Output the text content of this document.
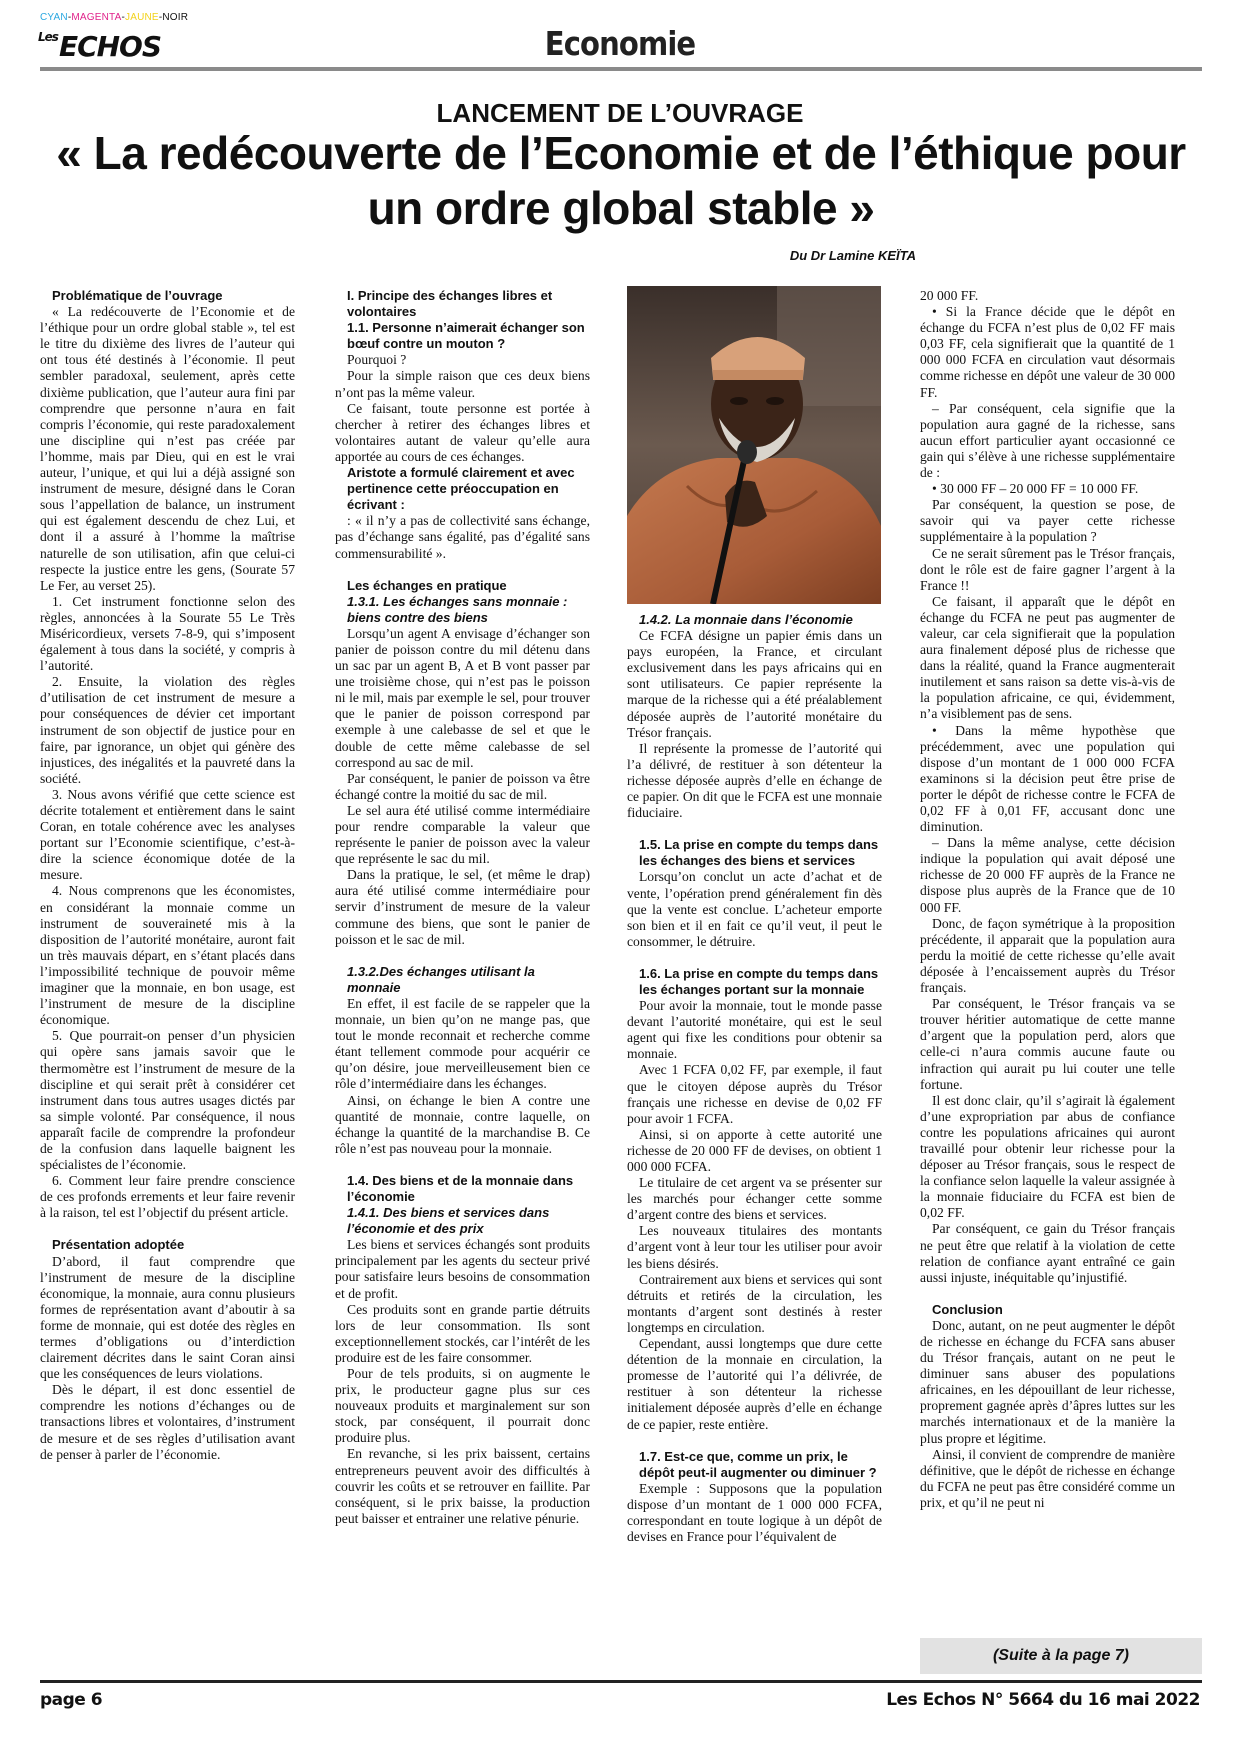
CYAN-MAGENTA-JAUNE-NOIR
$^{Les}$ECHOS	Economie
LANCEMENT DE L’OUVRAGE
« La redécouverte de l’Economie et de l’éthique pour un ordre global stable »
Du Dr Lamine KEÏTA

Problématique de l’ouvrage

« La redécouverte de l’Economie et de l’éthique pour un ordre global stable », tel est le titre du dixième des livres de l’auteur qui ont tous été destinés à l’économie. Il peut sembler paradoxal, seulement, après cette dixième publication, que l’auteur aura fini par comprendre que personne n’aura en fait compris l’économie, qui reste paradoxalement une discipline qui n’est pas créée par l’homme, mais par Dieu, qui en est le vrai auteur, l’unique, et qui lui a déjà assigné son instrument de mesure, désigné dans le Coran sous l’appellation de balance, un instrument qui est également descendu de chez Lui, et dont il a assuré à l’homme la maîtrise naturelle de son utilisation, afin que celui-ci respecte la justice entre les gens, (Sourate 57 Le Fer, au verset 25).

1. Cet instrument fonctionne selon des règles, annoncées à la Sourate 55 Le Très Miséricordieux, versets 7-8-9, qui s’imposent également à tous dans la société, y compris à l’autorité.

2. Ensuite, la violation des règles d’utilisation de cet instrument de mesure a pour conséquences de dévier cet important instrument de son objectif de justice pour en faire, par ignorance, un objet qui génère des injustices, des inégalités et la pauvreté dans la société.

3. Nous avons vérifié que cette science est décrite totalement et entièrement dans le saint Coran, en totale cohérence avec les analyses portant sur l’Economie scientifique, c’est-à-dire la science économique dotée de la mesure.

4. Nous comprenons que les économistes, en considérant la monnaie comme un instrument de souveraineté mis à la disposition de l’autorité monétaire, auront fait un très mauvais départ, en s’étant placés dans l’impossibilité technique de pouvoir même imaginer que la monnaie, en bon usage, est l’instrument de mesure de la discipline économique.

5. Que pourrait-on penser d’un physicien qui opère sans jamais savoir que le thermomètre est l’instrument de mesure de la discipline et qui serait prêt à considérer cet instrument dans tous autres usages dictés par sa simple volonté. Par conséquence, il nous apparaît facile de comprendre la profondeur de la confusion dans laquelle baignent les spécialistes de l’économie.

6. Comment leur faire prendre conscience de ces profonds errements et leur faire revenir à la raison, tel est l’objectif du présent article.

Présentation adoptée

D’abord, il faut comprendre que l’instrument de mesure de la discipline économique, la monnaie, aura connu plusieurs formes de représentation avant d’aboutir à sa forme de monnaie, qui est dotée des règles en termes d’obligations ou d’interdiction clairement décrites dans le saint Coran ainsi que les conséquences de leurs violations.

Dès le départ, il est donc essentiel de comprendre les notions d’échanges ou de transactions libres et volontaires, d’instrument de mesure et de ses règles d’utilisation avant de penser à parler de l’économie.

I. Principe des échanges libres et volontaires

1.1. Personne n’aimerait échanger son bœuf contre un mouton ?

Pourquoi ?

Pour la simple raison que ces deux biens n’ont pas la même valeur.

Ce faisant, toute personne est portée à chercher à retirer des échanges libres et volontaires autant de valeur qu’elle aura apportée au cours de ces échanges.

Aristote a formulé clairement et avec pertinence cette préoccupation en écrivant :

: « il n’y a pas de collectivité sans échange, pas d’échange sans égalité, pas d’égalité sans commensurabilité ».

Les échanges en pratique

1.3.1. Les échanges sans monnaie : biens contre des biens

Lorsqu’un agent A envisage d’échanger son panier de poisson contre du mil détenu dans un sac par un agent B, A et B vont passer par une troisième chose, qui n’est pas le poisson ni le mil, mais par exemple le sel, pour trouver que le panier de poisson correspond par exemple à une calebasse de sel et que le double de cette même calebasse de sel correspond au sac de mil.

Par conséquent, le panier de poisson va être échangé contre la moitié du sac de mil.

Le sel aura été utilisé comme intermédiaire pour rendre comparable la valeur que représente le panier de poisson avec la valeur que représente le sac du mil.

Dans la pratique, le sel, (et même le drap) aura été utilisé comme intermédiaire pour servir d’instrument de mesure de la valeur commune des biens, que sont le panier de poisson et le sac de mil.

1.3.2.Des échanges utilisant la monnaie

En effet, il est facile de se rappeler que la monnaie, un bien qu’on ne mange pas, que tout le monde reconnait et recherche comme étant tellement commode pour acquérir ce qu’on désire, joue merveilleusement bien ce rôle d’intermédiaire dans les échanges.

Ainsi, on échange le bien A contre une quantité de monnaie, contre laquelle, on échange la quantité de la marchandise B. Ce rôle n’est pas nouveau pour la monnaie.

1.4. Des biens et de la monnaie dans l’économie

1.4.1. Des biens et services dans l’économie et des prix

Les biens et services échangés sont produits principalement par les agents du secteur privé pour satisfaire leurs besoins de consommation et de profit.

Ces produits sont en grande partie détruits lors de leur consommation. Ils sont exceptionnellement stockés, car l’intérêt de les produire est de les faire consommer.

Pour de tels produits, si on augmente le prix, le producteur gagne plus sur ces nouveaux produits et marginalement sur son stock, par conséquent, il pourrait donc produire plus.

En revanche, si les prix baissent, certains entrepreneurs peuvent avoir des difficultés à couvrir les coûts et se retrouver en faillite. Par conséquent, si le prix baisse, la production peut baisser et entrainer une relative pénurie.

1.4.2. La monnaie dans l’économie

Ce FCFA désigne un papier émis dans un pays européen, la France, et circulant exclusivement dans les pays africains qui en sont utilisateurs. Ce papier représente la marque de la richesse qui a été préalablement déposée auprès de l’autorité monétaire du Trésor français.

Il représente la promesse de l’autorité qui l’a délivré, de restituer à son détenteur la richesse déposée auprès d’elle en échange de ce papier. On dit que le FCFA est une monnaie fiduciaire.

1.5. La prise en compte du temps dans les échanges des biens et services

Lorsqu’on conclut un acte d’achat et de vente, l’opération prend généralement fin dès que la vente est conclue. L’acheteur emporte son bien et il en fait ce qu’il veut, il peut le consommer, le détruire.

1.6. La prise en compte du temps dans les échanges portant sur la monnaie

Pour avoir la monnaie, tout le monde passe devant l’autorité monétaire, qui est le seul agent qui fixe les conditions pour obtenir sa monnaie.

Avec 1 FCFA 0,02 FF, par exemple, il faut que le citoyen dépose auprès du Trésor français une richesse en devise de 0,02 FF pour avoir 1 FCFA.

Ainsi, si on apporte à cette autorité une richesse de 20 000 FF de devises, on obtient 1 000 000 FCFA.

Le titulaire de cet argent va se présenter sur les marchés pour échanger cette somme d’argent contre des biens et services.

Les nouveaux titulaires des montants d’argent vont à leur tour les utiliser pour avoir les biens désirés.

Contrairement aux biens et services qui sont détruits et retirés de la circulation, les montants d’argent sont destinés à rester longtemps en circulation.

Cependant, aussi longtemps que dure cette détention de la monnaie en circulation, la promesse de l’autorité qui l’a délivrée, de restituer à son détenteur la richesse initialement déposée auprès d’elle en échange de ce papier, reste entière.

1.7. Est-ce que, comme un prix, le dépôt peut-il augmenter ou diminuer ?

Exemple : Supposons que la population dispose d’un montant de 1 000 000 FCFA, correspondant en toute logique à un dépôt de devises en France pour l’équivalent de

20 000 FF.

• Si la France décide que le dépôt en échange du FCFA n’est plus de 0,02 FF mais 0,03 FF, cela signifierait que la quantité de 1 000 000 FCFA en circulation vaut désormais comme richesse en dépôt une valeur de 30 000 FF.

– Par conséquent, cela signifie que la population aura gagné de la richesse, sans aucun effort particulier ayant occasionné ce gain qui s’élève à une richesse supplémentaire de :

• 30 000 FF – 20 000 FF = 10 000 FF.

Par conséquent, la question se pose, de savoir qui va payer cette richesse supplémentaire à la population ?

Ce ne serait sûrement pas le Trésor français, dont le rôle est de faire gagner l’argent à la France !!

Ce faisant, il apparaît que le dépôt en échange du FCFA ne peut pas augmenter de valeur, car cela signifierait que la population aura finalement déposé plus de richesse que dans la réalité, quand la France augmenterait inutilement et sans raison sa dette vis-à-vis de la population africaine, ce qui, évidemment, n’a visiblement pas de sens.

• Dans la même hypothèse que précédemment, avec une population qui dispose d’un montant de 1 000 000 FCFA examinons si la décision peut être prise de porter le dépôt de richesse contre le FCFA de 0,02 FF à 0,01 FF, accusant donc une diminution.

– Dans la même analyse, cette décision indique la population qui avait déposé une richesse de 20 000 FF auprès de la France ne dispose plus auprès de la France que de 10 000 FF.

Donc, de façon symétrique à la proposition précédente, il apparait que la population aura perdu la moitié de cette richesse qu’elle avait déposée à l’encaissement auprès du Trésor français.

Par conséquent, le Trésor français va se trouver héritier automatique de cette manne d’argent que la population perd, alors que celle-ci n’aura commis aucune faute ou infraction qui aurait pu lui couter une telle fortune.

Il est donc clair, qu’il s’agirait là également d’une expropriation par abus de confiance contre les populations africaines qui auront travaillé pour obtenir leur richesse pour la déposer au Trésor français, sous le respect de la confiance selon laquelle la valeur assignée à la monnaie fiduciaire du FCFA est bien de 0,02 FF.

Par conséquent, ce gain du Trésor français ne peut être que relatif à la violation de cette relation de confiance ayant entraîné ce gain aussi injuste, inéquitable qu’injustifié.

Conclusion

Donc, autant, on ne peut augmenter le dépôt de richesse en échange du FCFA sans abuser du Trésor français, autant on ne peut le diminuer sans abuser des populations africaines, en les dépouillant de leur richesse, proprement gagnée après d’âpres luttes sur les marchés internationaux et de la manière la plus propre et légitime.

Ainsi, il convient de comprendre de manière définitive, que le dépôt de richesse en échange du FCFA ne peut pas être considéré comme un prix, et qu’il ne peut ni

(Suite à la page 7)
page 6	Les Echos N° 5664 du 16 mai 2022
